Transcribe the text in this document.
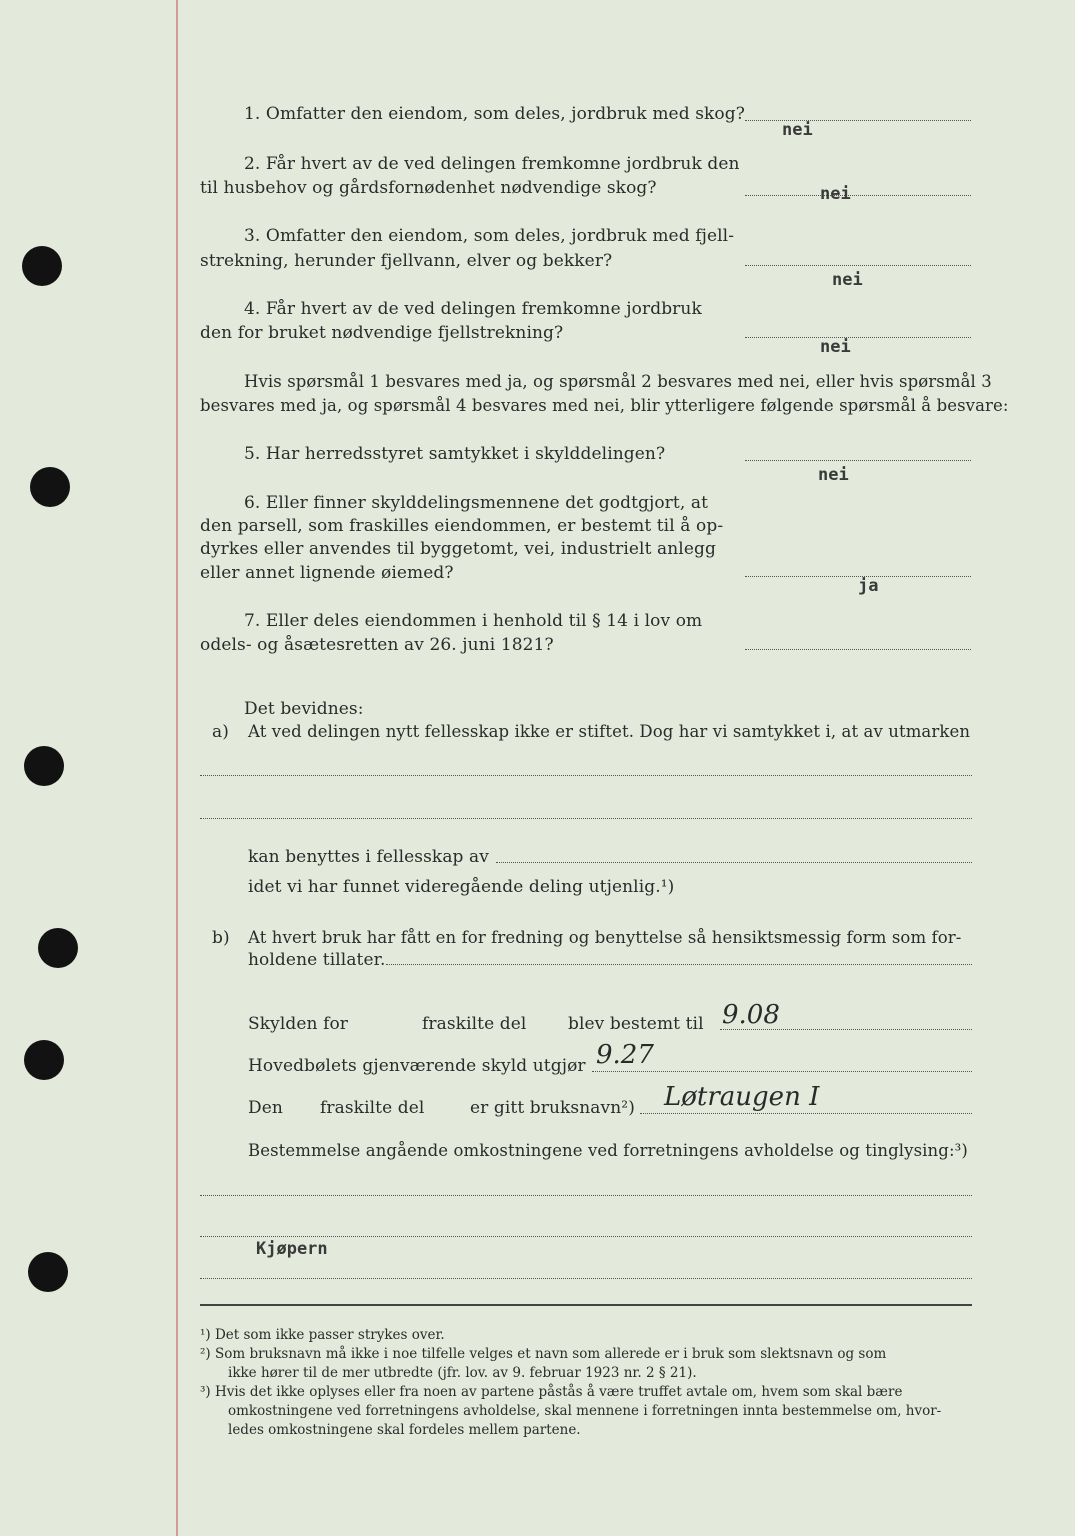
1. Omfatter den eiendom, som deles, jordbruk med skog?
nei
2. Får hvert av de ved delingen fremkomne jordbruk den
til husbehov og gårdsfornødenhet nødvendige skog?	nei
3. Omfatter den eiendom, som deles, jordbruk med fjell-
strekning, herunder fjellvann, elver og bekker?
nei
4. Får hvert av de ved delingen fremkomne jordbruk
den for bruket nødvendige fjellstrekning?
nei
Hvis spørsmål 1 besvares med ja, og spørsmål 2 besvares med nei, eller hvis spørsmål 3
besvares med ja, og spørsmål 4 besvares med nei, blir ytterligere følgende spørsmål å besvare:
5. Har herredsstyret samtykket i skylddelingen?
nei
6. Eller finner skylddelingsmennene det godtgjort, at
den parsell, som fraskilles eiendommen, er bestemt til å op-
dyrkes eller anvendes til byggetomt, vei, industrielt anlegg
eller annet lignende øiemed?
ja
7. Eller deles eiendommen i henhold til § 14 i lov om
odels- og åsætesretten av 26. juni 1821?
Det bevidnes:
a) At ved delingen nytt fellesskap ikke er stiftet. Dog har vi samtykket i, at av utmarken
kan benyttes i fellesskap av
idet vi har funnet videregående deling utjenlig.¹)
b) At hvert bruk har fått en for fredning og benyttelse så hensiktsmessig form som for-
holdene tillater.
Skylden for	fraskilte del blev bestemt til 9.08
Hovedbølets gjenværende skyld utgjør 9.27
Den fraskilte del	er gitt bruksnavn²) Løtraugen I
Bestemmelse angående omkostningene ved forretningens avholdelse og tinglysing:³)
Kjøpern
¹) Det som ikke passer strykes over.
²) Som bruksnavn må ikke i noe tilfelle velges et navn som allerede er i bruk som slektsnavn og som
ikke hører til de mer utbredte (jfr. lov. av 9. februar 1923 nr. 2 § 21).
³) Hvis det ikke oplyses eller fra noen av partene påstås å være truffet avtale om, hvem som skal bære
omkostningene ved forretningens avholdelse, skal mennene i forretningen innta bestemmelse om, hvor-
ledes omkostningene skal fordeles mellem partene.
